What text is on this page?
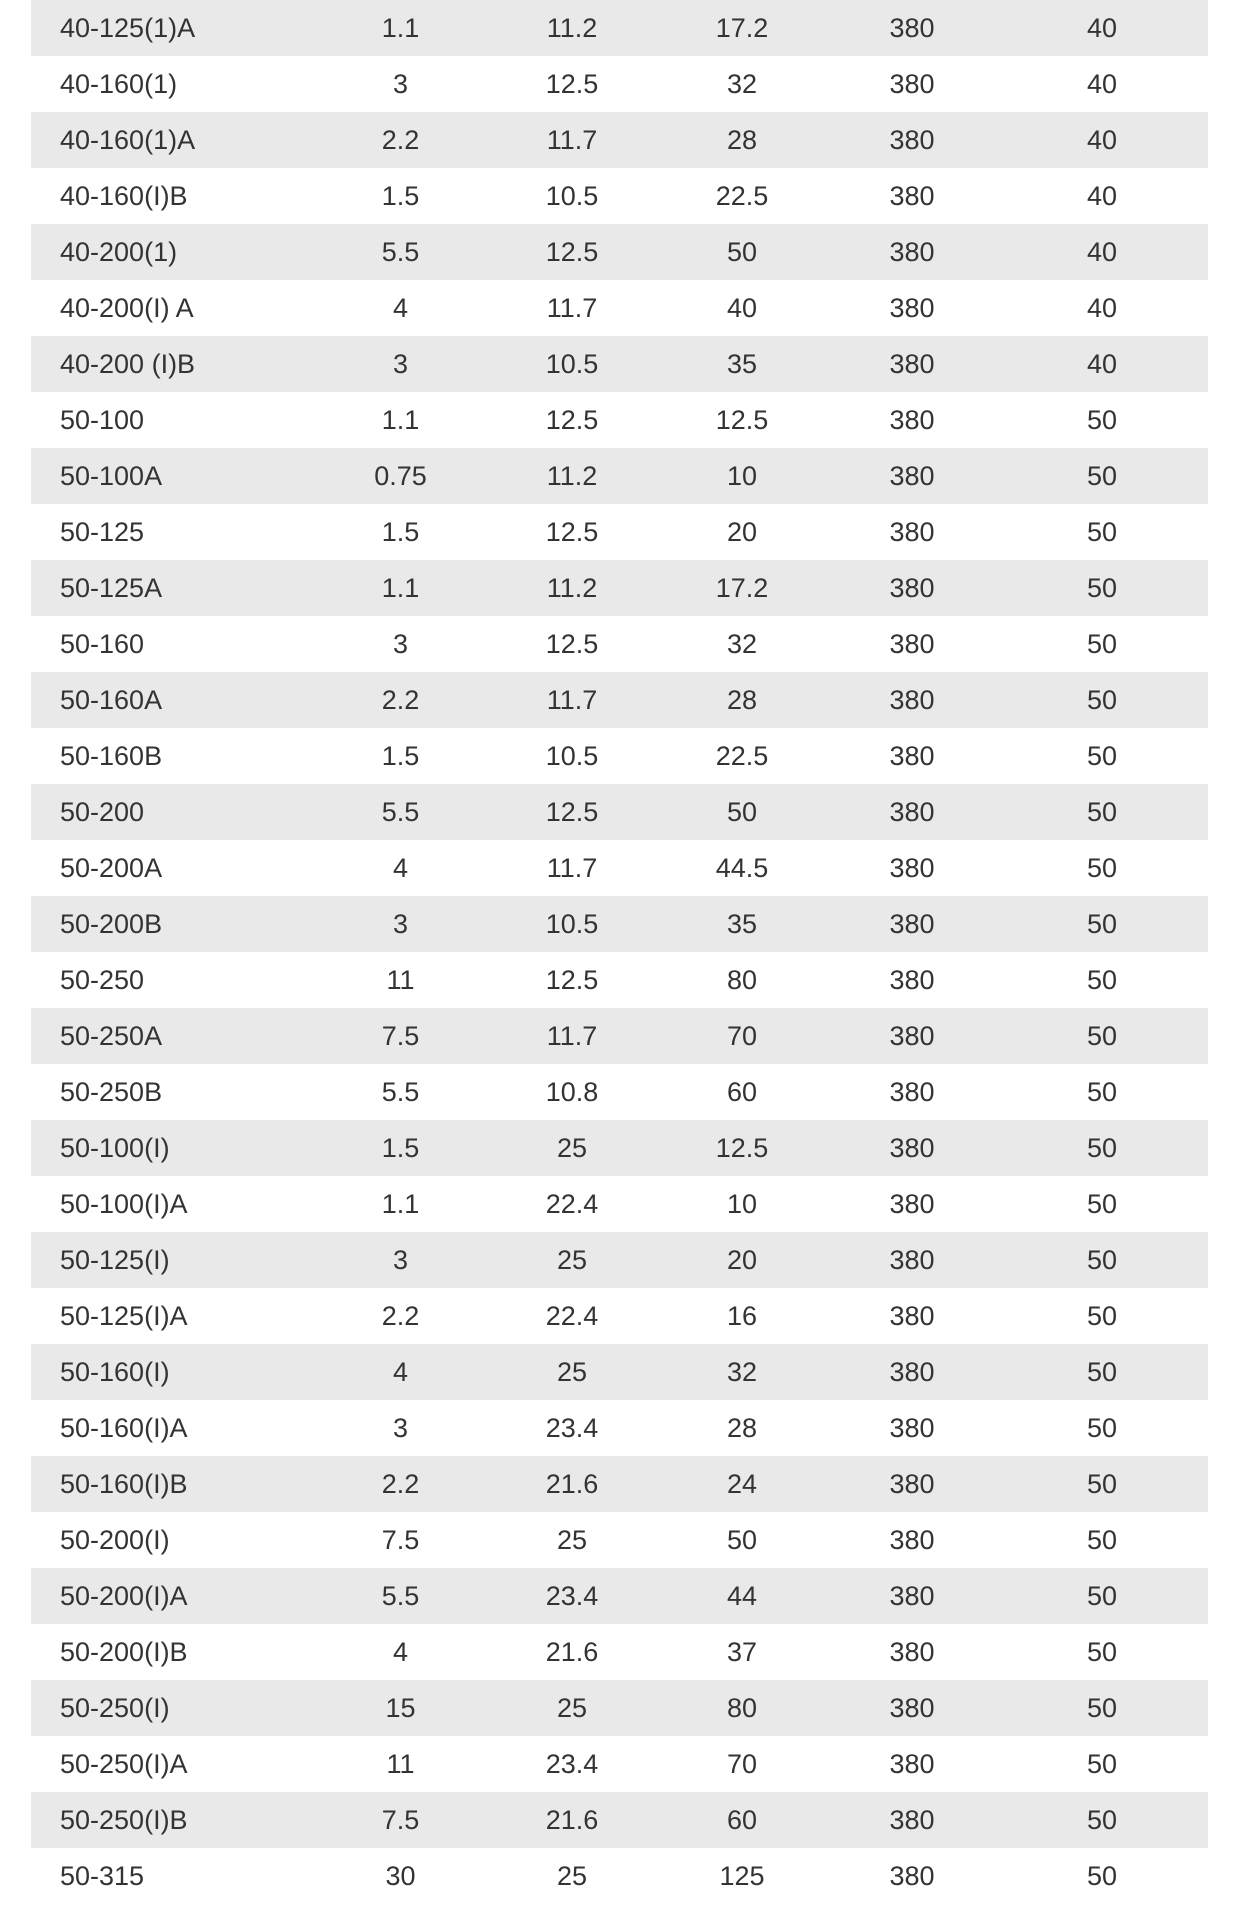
40-125(1)A	1.1	11.2	17.2	380	40
40-160(1)	3	12.5	32	380	40
40-160(1)A	2.2	11.7	28	380	40
40-160(I)B	1.5	10.5	22.5	380	40
40-200(1)	5.5	12.5	50	380	40
40-200(I) A	4	11.7	40	380	40
40-200 (I)B	3	10.5	35	380	40
50-100	1.1	12.5	12.5	380	50
50-100A	0.75	11.2	10	380	50
50-125	1.5	12.5	20	380	50
50-125A	1.1	11.2	17.2	380	50
50-160	3	12.5	32	380	50
50-160A	2.2	11.7	28	380	50
50-160B	1.5	10.5	22.5	380	50
50-200	5.5	12.5	50	380	50
50-200A	4	11.7	44.5	380	50
50-200B	3	10.5	35	380	50
50-250	11	12.5	80	380	50
50-250A	7.5	11.7	70	380	50
50-250B	5.5	10.8	60	380	50
50-100(I)	1.5	25	12.5	380	50
50-100(I)A	1.1	22.4	10	380	50
50-125(I)	3	25	20	380	50
50-125(I)A	2.2	22.4	16	380	50
50-160(I)	4	25	32	380	50
50-160(I)A	3	23.4	28	380	50
50-160(I)B	2.2	21.6	24	380	50
50-200(I)	7.5	25	50	380	50
50-200(I)A	5.5	23.4	44	380	50
50-200(I)B	4	21.6	37	380	50
50-250(I)	15	25	80	380	50
50-250(I)A	11	23.4	70	380	50
50-250(I)B	7.5	21.6	60	380	50
50-315	30	25	125	380	50
